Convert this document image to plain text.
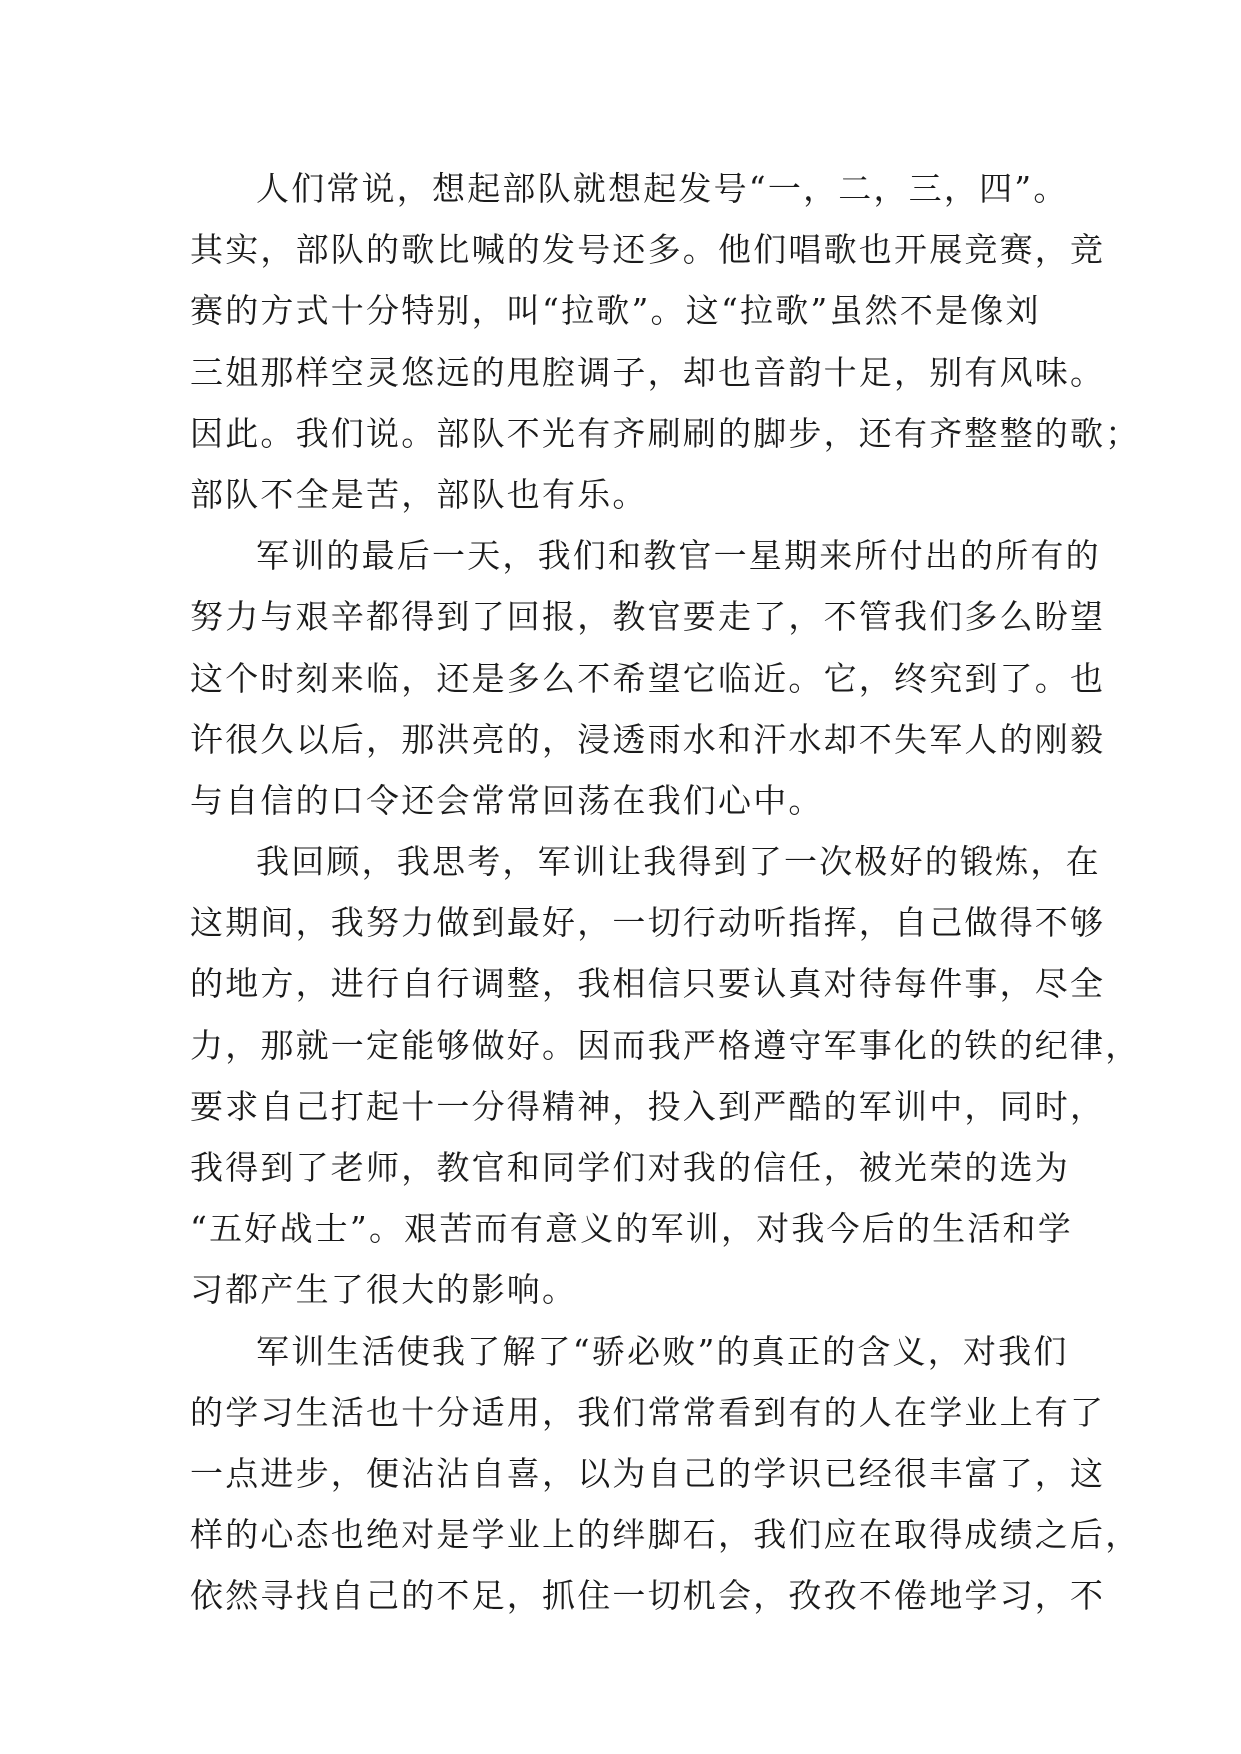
人们常说，想起部队就想起发号“一，二，三，四”。
其实，部队的歌比喊的发号还多。他们唱歌也开展竞赛，竞
赛的方式十分特别，叫“拉歌”。这“拉歌”虽然不是像刘
三姐那样空灵悠远的甩腔调子，却也音韵十足，别有风味。
因此。我们说。部队不光有齐刷刷的脚步，还有齐整整的歌；
部队不全是苦，部队也有乐。
军训的最后一天，我们和教官一星期来所付出的所有的
努力与艰辛都得到了回报，教官要走了，不管我们多么盼望
这个时刻来临，还是多么不希望它临近。它，终究到了。也
许很久以后，那洪亮的，浸透雨水和汗水却不失军人的刚毅
与自信的口令还会常常回荡在我们心中。
我回顾，我思考，军训让我得到了一次极好的锻炼，在
这期间，我努力做到最好，一切行动听指挥，自己做得不够
的地方，进行自行调整，我相信只要认真对待每件事，尽全
力，那就一定能够做好。因而我严格遵守军事化的铁的纪律，
要求自己打起十一分得精神，投入到严酷的军训中，同时，
我得到了老师，教官和同学们对我的信任，被光荣的选为
“五好战士”。艰苦而有意义的军训，对我今后的生活和学
习都产生了很大的影响。
军训生活使我了解了“骄必败”的真正的含义，对我们
的学习生活也十分适用，我们常常看到有的人在学业上有了
一点进步，便沾沾自喜，以为自己的学识已经很丰富了，这
样的心态也绝对是学业上的绊脚石，我们应在取得成绩之后，
依然寻找自己的不足，抓住一切机会，孜孜不倦地学习，不
